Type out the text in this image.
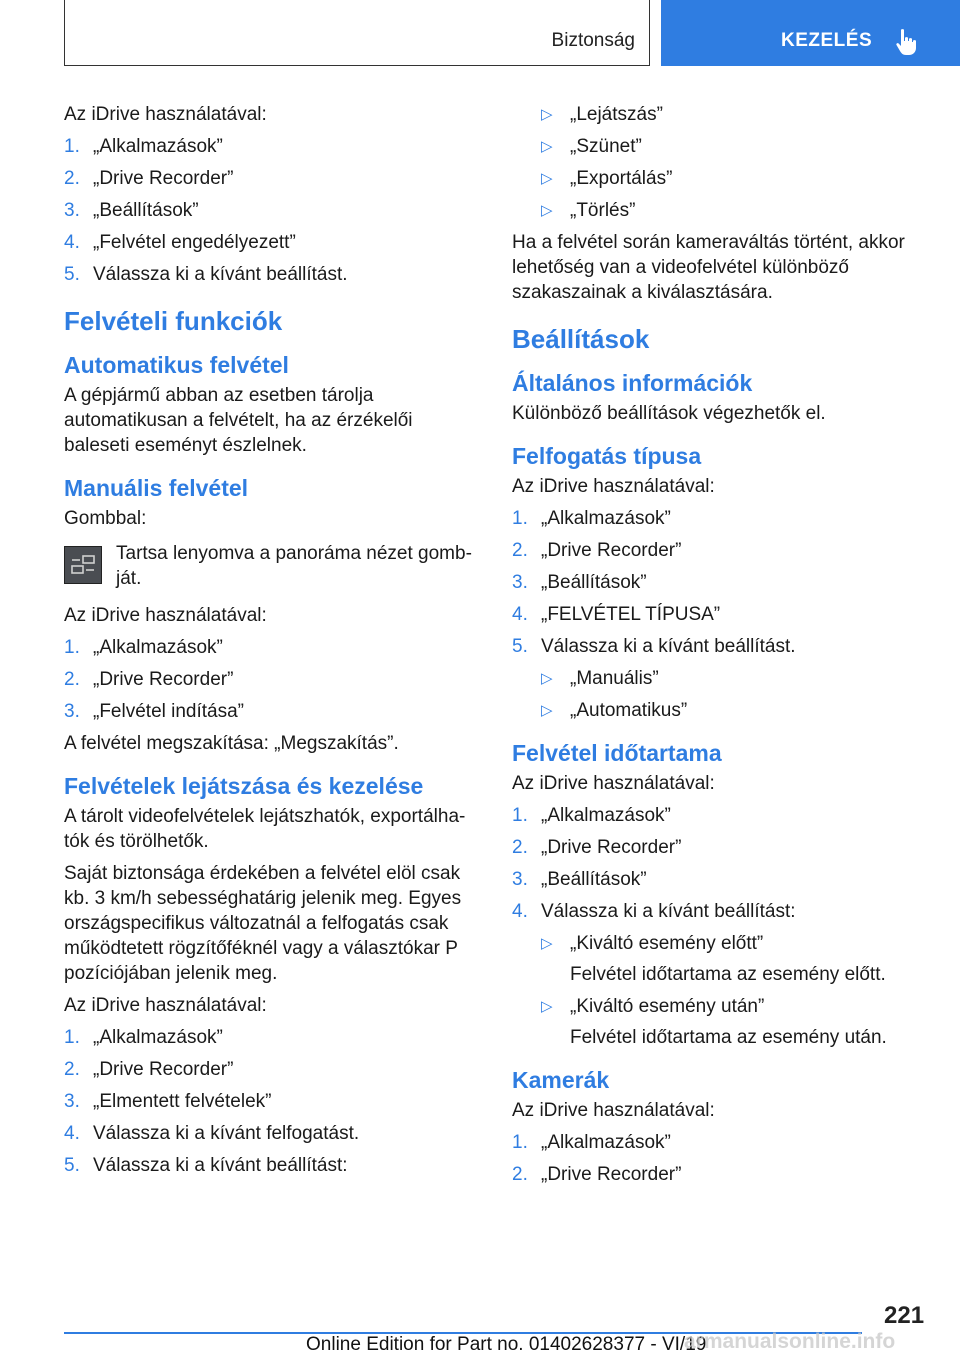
Biztonság	KEZELÉS

Az iDrive használatával:

1. „Alkalmazások”
2. „Drive Recorder”
3. „Beállítások”
4. „Felvétel engedélyezett”
5. Válassza ki a kívánt beállítást.
Felvételi funkciók
Automatikus felvétel

A gépjármű abban az esetben tárolja automatikusan a felvételt, ha az érzékelői baleseti eseményt észlelnek.

Manuális felvétel

Gombbal:

Tartsa lenyomva a panoráma nézet gombját.

Az iDrive használatával:

1. „Alkalmazások”
2. „Drive Recorder”
3. „Felvétel indítása”

A felvétel megszakítása: „Megszakítás”.

Felvételek lejátszása és kezelése

A tárolt videofelvételek lejátszhatók, exportálhatók és törölhetők.

Saját biztonsága érdekében a felvétel elöl csak kb. 3 km/h sebességhatárig jelenik meg. Egyes országspecifikus változatnál a felfogatás csak működtetett rögzítőféknél vagy a választókar P pozíciójában jelenik meg.

Az iDrive használatával:

1. „Alkalmazások”
2. „Drive Recorder”
3. „Elmentett felvételek”
4. Válassza ki a kívánt felfogatást.
5. Válassza ki a kívánt beállítást:
▷ „Lejátszás”
▷ „Szünet”
▷ „Exportálás”
▷ „Törlés”

Ha a felvétel során kameraváltás történt, akkor lehetőség van a videofelvétel különböző szakaszainak a kiválasztására.

Beállítások
Általános információk

Különböző beállítások végezhetők el.

Felfogatás típusa

Az iDrive használatával:

1. „Alkalmazások”
2. „Drive Recorder”
3. „Beállítások”
4. „FELVÉTEL TÍPUSA”
5. Válassza ki a kívánt beállítást.
▷ „Manuális”
▷ „Automatikus”
Felvétel időtartama

Az iDrive használatával:

1. „Alkalmazások”
2. „Drive Recorder”
3. „Beállítások”
4. Válassza ki a kívánt beállítást:
▷ „Kiváltó esemény előtt”
Felvétel időtartama az esemény előtt.
▷ „Kiváltó esemény után”
Felvétel időtartama az esemény után.
Kamerák

Az iDrive használatával:

1. „Alkalmazások”
2. „Drive Recorder”
221
Online Edition for Part no. 01402628377 - VI/19
armanualsonline.info
